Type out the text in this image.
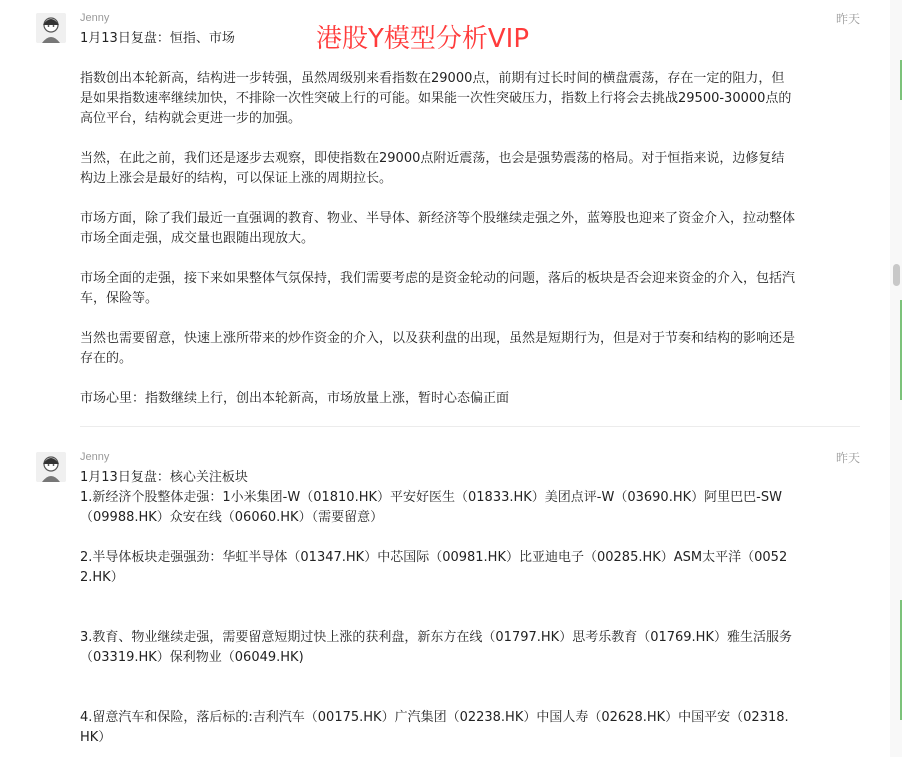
Jenny	昨天
1月13日复盘：恒指、市场
指数创出本轮新高，结构进一步转强，虽然周级别来看指数在29000点，前期有过长时间的横盘震荡，存在一定的阻力，但是如果指数速率继续加快，不排除一次性突破上行的可能。如果能一次性突破压力，指数上行将会去挑战29500-30000点的高位平台，结构就会更进一步的加强。
当然，在此之前，我们还是逐步去观察，即使指数在29000点附近震荡，也会是强势震荡的格局。对于恒指来说，边修复结构边上涨会是最好的结构，可以保证上涨的周期拉长。
市场方面，除了我们最近一直强调的教育、物业、半导体、新经济等个股继续走强之外，蓝筹股也迎来了资金介入，拉动整体市场全面走强，成交量也跟随出现放大。
市场全面的走强，接下来如果整体气氛保持，我们需要考虑的是资金轮动的问题，落后的板块是否会迎来资金的介入，包括汽车，保险等。
当然也需要留意，快速上涨所带来的炒作资金的介入，以及获利盘的出现，虽然是短期行为，但是对于节奏和结构的影响还是存在的。
市场心里：指数继续上行，创出本轮新高，市场放量上涨，暂时心态偏正面
港股Y模型分析VIP
Jenny	昨天
1月13日复盘：核心关注板块
1.新经济个股整体走强：1小米集团-W（01810.HK）平安好医生（01833.HK）美团点评-W（03690.HK）阿里巴巴-SW（09988.HK）众安在线（06060.HK）（需要留意）
2.半导体板块走强强劲：华虹半导体（01347.HK）中芯国际（00981.HK）比亚迪电子（00285.HK）ASM太平洋（00522.HK）
3.教育、物业继续走强，需要留意短期过快上涨的获利盘，新东方在线（01797.HK）思考乐教育（01769.HK）雅生活服务（03319.HK）保利物业（06049.HK)
4.留意汽车和保险，落后标的:吉利汽车（00175.HK）广汽集团（02238.HK）中国人寿（02628.HK）中国平安（02318.HK）
